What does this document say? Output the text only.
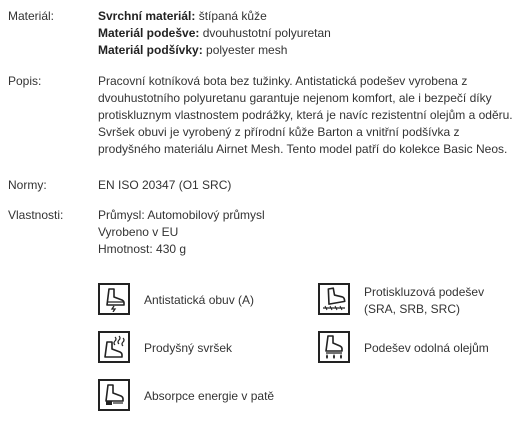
Materiál:	Svrchní materiál: štípaná kůže
Materiál podešve: dvouhustotní polyuretan
Materiál podšívky: polyester mesh
Popis:	Pracovní kotníková bota bez tužinky. Antistatická podešev vyrobena z
dvouhustotního polyuretanu garantuje nejenom komfort, ale i bezpečí díky
protiskluznym vlastnostem podrážky, která je navíc rezistentní olejům a oděru.
Svršek obuvi je vyrobený z přírodní kůže Barton a vnitřní podšívka z
prodyšného materiálu Airnet Mesh. Tento model patří do kolekce Basic Neos.
Normy:	EN ISO 20347 (O1 SRC)
Vlastnosti:	Průmysl: Automobilový průmysl
Vyrobeno v EU
Hmotnost: 430 g
Antistatická obuv (A)
Protiskluzová podešev
(SRA, SRB, SRC)
Prodyšný svršek	Podešev odolná olejům
Absorpce energie v patě
